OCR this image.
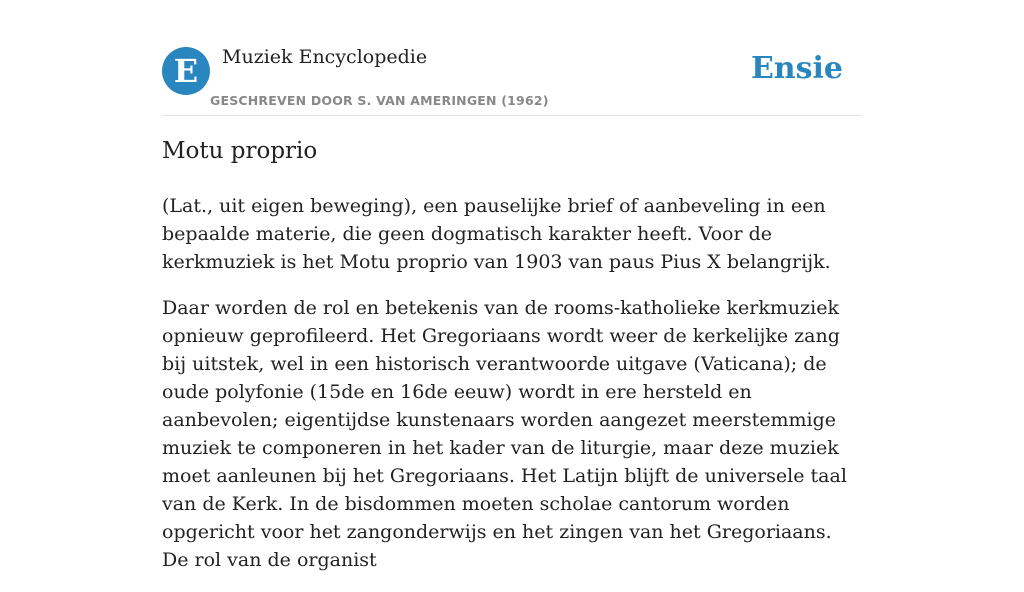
E	Muziek Encyclopedie
GESCHREVEN DOOR S. VAN AMERINGEN (1962)
Ensie
Motu proprio

(Lat., uit eigen beweging), een pauselijke brief of aanbeveling in een bepaalde materie, die geen dogmatisch karakter heeft. Voor de kerkmuziek is het Motu proprio van 1903 van paus Pius X belangrijk.

Daar worden de rol en betekenis van de rooms-katholieke kerkmuziek opnieuw geprofileerd. Het Gregoriaans wordt weer de kerkelijke zang bij uitstek, wel in een historisch verantwoorde uitgave (Vaticana); de oude polyfonie (15de en 16de eeuw) wordt in ere hersteld en aanbevolen; eigentijdse kunstenaars worden aangezet meerstemmige muziek te componeren in het kader van de liturgie, maar deze muziek moet aanleunen bij het Gregoriaans. Het Latijn blijft de universele taal van de Kerk. In de bisdommen moeten scholae cantorum worden opgericht voor het zangonderwijs en het zingen van het Gregoriaans. De rol van de organist
